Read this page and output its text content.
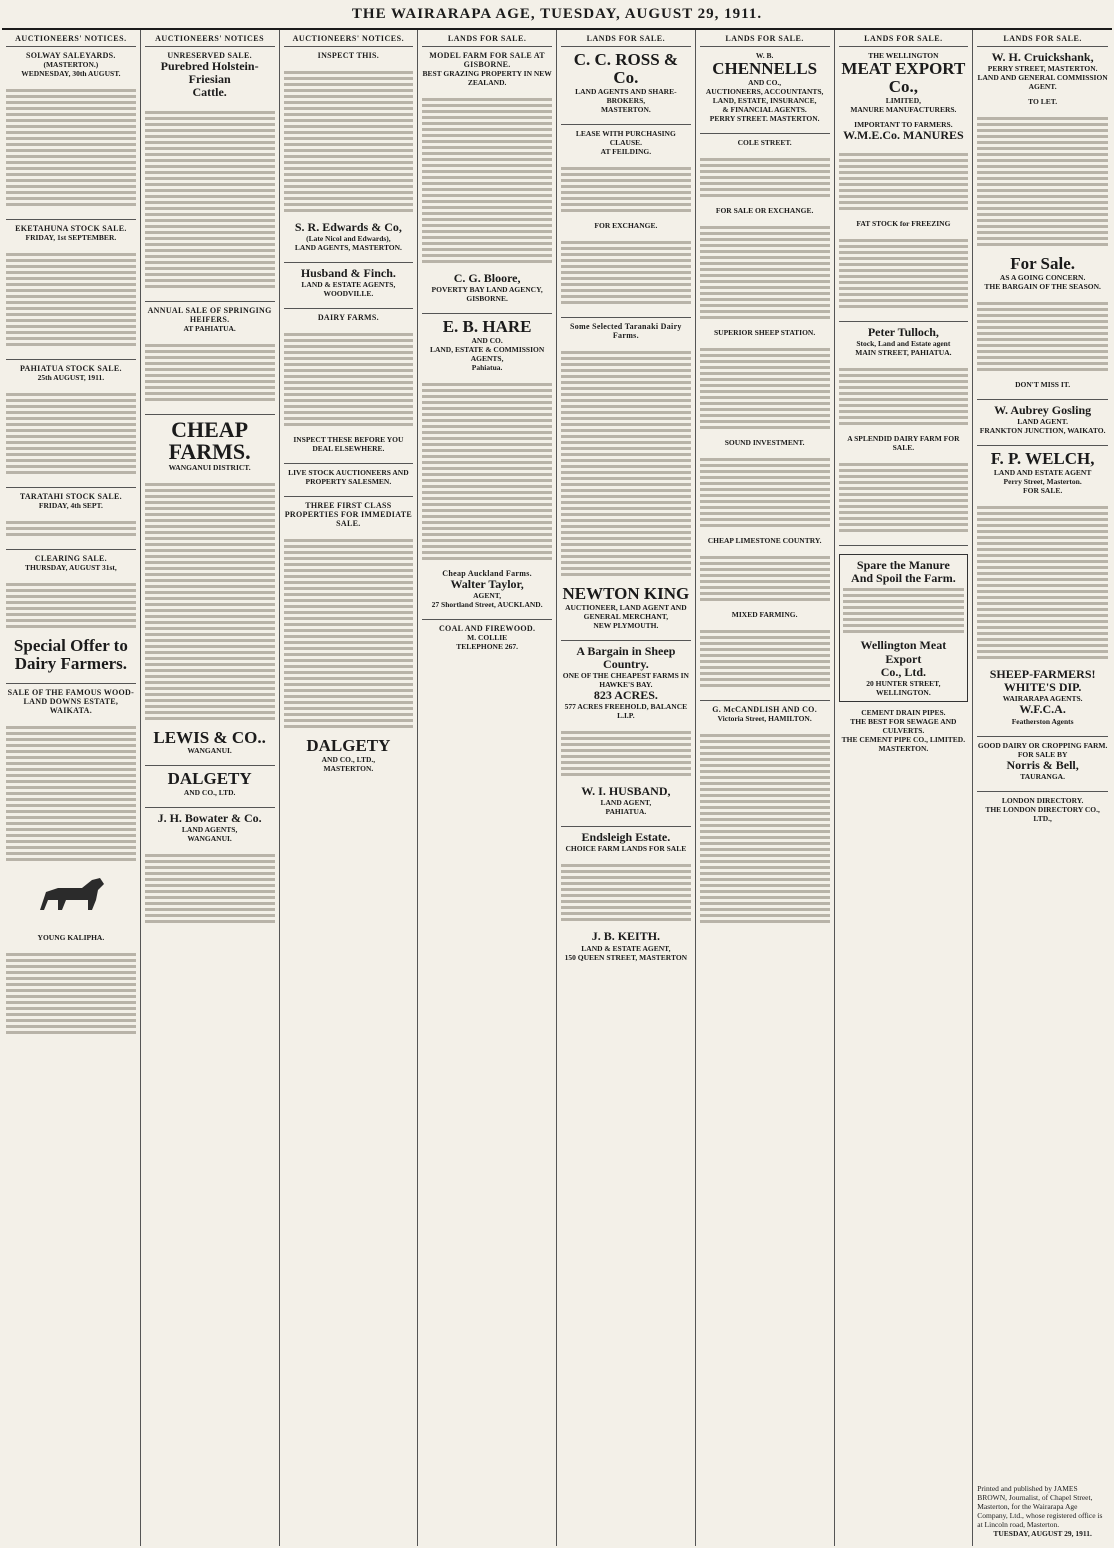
THE WAIRARAPA AGE, TUESDAY, AUGUST 29, 1911.
AUCTIONEERS' NOTICES.
SOLWAY SALEYARDS.
(MASTERTON.)
WEDNESDAY, 30th AUGUST.
EKETAHUNA STOCK SALE.
FRIDAY, 1st SEPTEMBER.
PAHIATUA STOCK SALE.
25th AUGUST, 1911.
TARATAHI STOCK SALE.
FRIDAY, 4th SEPT.
CLEARING SALE.
THURSDAY, AUGUST 31st,
Special Offer to
Dairy Farmers.
SALE OF THE FAMOUS WOOD-LAND DOWNS ESTATE, WAIKATA.
YOUNG KALIPHA.
AUCTIONEERS' NOTICES
UNRESERVED SALE.
Purebred Holstein-Friesian
Cattle.
ANNUAL SALE OF SPRINGING HEIFERS.
AT PAHIATUA.
CHEAP
FARMS.
WANGANUI DISTRICT.
LEWIS & CO..
WANGANUI.
DALGETY
AND CO., LTD.
J. H. Bowater & Co.
LAND AGENTS,
WANGANUI.
AUCTIONEERS' NOTICES.
INSPECT THIS.
S. R. Edwards & Co,
(Late Nicol and Edwards),
LAND AGENTS, MASTERTON.
Husband & Finch.
LAND & ESTATE AGENTS,
WOODVILLE.
DAIRY FARMS.
INSPECT THESE BEFORE YOU DEAL ELSEWHERE.
LIVE STOCK AUCTIONEERS AND PROPERTY SALESMEN.
THREE FIRST CLASS PROPERTIES FOR IMMEDIATE SALE.
DALGETY
AND CO., LTD.,
MASTERTON.
LANDS FOR SALE.
MODEL FARM FOR SALE AT GISBORNE.
BEST GRAZING PROPERTY IN NEW ZEALAND.
C. G. Bloore,
POVERTY BAY LAND AGENCY,
GISBORNE.
E. B. HARE
AND CO.
LAND, ESTATE & COMMISSION AGENTS,
Pahiatua.
Cheap Auckland Farms.
Walter Taylor,
AGENT,
27 Shortland Street, AUCKLAND.
COAL AND FIREWOOD.
M. COLLIE
TELEPHONE 267.
LANDS FOR SALE.
C. C. ROSS & Co.
LAND AGENTS AND SHARE-BROKERS,
MASTERTON.
LEASE WITH PURCHASING CLAUSE.
AT FEILDING.
FOR EXCHANGE.
Some Selected Taranaki Dairy Farms.
NEWTON KING
AUCTIONEER, LAND AGENT AND GENERAL MERCHANT,
NEW PLYMOUTH.
A Bargain in Sheep
Country.
ONE OF THE CHEAPEST FARMS IN HAWKE'S BAY.
823 ACRES.
577 ACRES FREEHOLD, BALANCE L.I.P.
W. I. HUSBAND,
LAND AGENT,
PAHIATUA.
Endsleigh Estate.
CHOICE FARM LANDS FOR SALE
J. B. KEITH.
LAND & ESTATE AGENT,
150 QUEEN STREET, MASTERTON
LANDS FOR SALE.
W. B.
CHENNELLS
AND CO.,
AUCTIONEERS, ACCOUNTANTS, LAND, ESTATE, INSURANCE,
& FINANCIAL AGENTS.
PERRY STREET. MASTERTON.
COLE STREET.
FOR SALE OR EXCHANGE.
SUPERIOR SHEEP STATION.
SOUND INVESTMENT.
CHEAP LIMESTONE COUNTRY.
MIXED FARMING.
G. McCANDLISH AND CO.
Victoria Street, HAMILTON.
LANDS FOR SALE.
THE WELLINGTON
MEAT EXPORT Co.,
LIMITED,
MANURE MANUFACTURERS.
IMPORTANT TO FARMERS.
W.M.E.Co. MANURES
FAT STOCK for FREEZING
Peter Tulloch,
Stock, Land and Estate agent
MAIN STREET, PAHIATUA.
A SPLENDID DAIRY FARM FOR SALE.
Spare the Manure
And Spoil the Farm.
Wellington Meat Export
Co., Ltd.
20 HUNTER STREET, WELLINGTON.
CEMENT DRAIN PIPES.
THE BEST FOR SEWAGE AND CULVERTS.
THE CEMENT PIPE CO., LIMITED.
MASTERTON.
LANDS FOR SALE.
W. H. Cruickshank,
PERRY STREET, MASTERTON.
LAND AND GENERAL COMMISSION AGENT.
TO LET.
For Sale.
AS A GOING CONCERN.
THE BARGAIN OF THE SEASON.
DON'T MISS IT.
W. Aubrey Gosling
LAND AGENT.
FRANKTON JUNCTION, WAIKATO.
F. P. WELCH,
LAND AND ESTATE AGENT
Perry Street, Masterton.
FOR SALE.
SHEEP-FARMERS!
WHITE'S DIP.
WAIRARAPA AGENTS.
W.F.C.A.
Featherston Agents
GOOD DAIRY OR CROPPING FARM.
FOR SALE BY
Norris & Bell,
TAURANGA.
LONDON DIRECTORY.
THE LONDON DIRECTORY CO., LTD.,
Printed and published by JAMES BROWN, Journalist, of Chapel Street, Masterton, for the Wairarapa Age Company, Ltd., whose registered office is at Lincoln road, Masterton.
TUESDAY, AUGUST 29, 1911.
